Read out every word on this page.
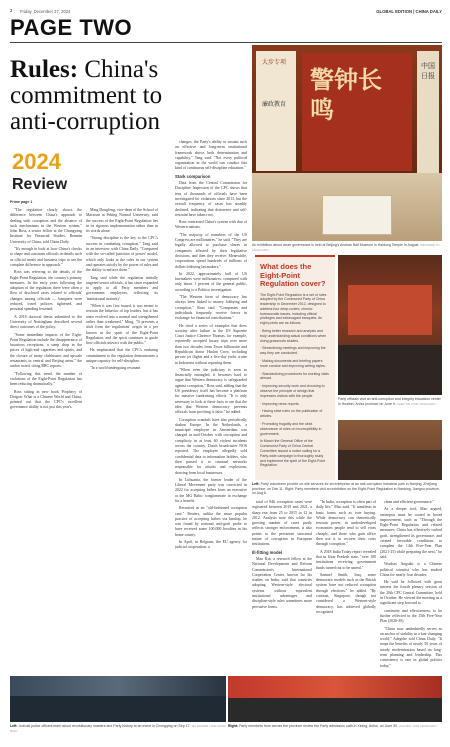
2 Friday, December 27, 2024	GLOBAL EDITION | CHINA DAILY
PAGE TWO
Rules: China's commitment to anti-corruption
2024
Review
Prime page 1

"The regulation clearly shows the difference between China's approach to dealing with corruption and the absence of such mechanisms in the Western system," John Ross, a senior fellow at the Chongyang Institute for Financial Studies, Renmin University of China, told China Daily.

"It's enough to look at how China's checks to shape and constrain officials in details such as official meals and business trips to see the complete difference in approach."

Ross was referring to the details of the Eight-Point Regulation, the country's primary measures. In the early years following the adoption of the regulation there were often a flow of disclosed cases related to officials' changes among officials — banquets were reduced, travel policies tightened, and personal spending lessened.

A 2018 doctoral thesis submitted to the University of Nottingham described several direct outcomes of the policy.

"Some immediate impacts of the Eight-Point Regulation include the disappearance of luxurious receptions, a steep drop in the prices of high-end cigarettes and spirits, and the closure of many clubhouses and upscale restaurants in central and Beijing areas," the author noted, citing BBC reports.

"Following this trend, the number of violations of the Eight-Point Regulation has been reducing dramatically."

Ross sitting in new book Prophecy of Dragon: What is a Chinese World and China, pointed out that the CPC's excellent governance ability is not just this year's.

Ming Dongfeng, vice-dean of the School of Marxism at Peking Normal University, said the success of the Eight-Point Regulation lies in its rigorous implementation rather than in its words alone.

"Strong discipline is the key to the CPC's success in combating corruption," Tang said in an interview with China Daily. "Compared with the so-called 'partition of power' model, which only looks at the rules in our system and operates strictly by the power of rules and the ability to enforce them."

Tang said while the regulation initially targeted senior officials, it has since expanded to apply to all Party members and government employees, reflecting its 'institutional maturity'.

"When it was first issued, it was meant to restrain the behavior of top leaders, but it has since evolved into a normal and strengthened rather than weakened," Ming, "It prevents a shift from the regulations' origin in a per known as the spirit of the Eight-Point Regulation, and the spirit continues to guide how officials interact with the public."

He emphasized that the CPC's enduring commitment to the regulation demonstrates a unique capacity for self-discipline.

"In a world undergoing resonant

changes, the Party's ability to sustain such an effective and long-term institutional framework shows both determination and capability," Tang said. "Not every political organization in the world can conduct this kind of continuous self-discipline education."

Stark comparison

Data from the Central Commission for Discipline Inspection of the CPC shows that tens of thousands of officials have been investigated for violations since 2013, but the overall frequency of cases has steadily declined, indicating that deterrence and self-restraint have taken root.

Ross contrasted China's system with that of Western nations.

"The majority of members of the US Congress are millionaires," he said. "They are legally allowed to purchase shares in companies affected by their legislative decisions, and then they receive. Meanwhile, corporations spend hundreds of millions of dollars lobbying lawmakers."

In 2022, approximately half of US lawmakers were millionaires, compared with only about 1 percent of the general public, according to a Politico investigation.

"The Western form of democracy has always been linked to money lobbying and corruption," Ross said. "Companies and individuals frequently receive favors in exchange for financial contributions."

He cited a series of examples that drew scrutiny after failure in the US Supreme Court Justice Clarence Thomas, for example, reportedly accepted luxury trips over more than two decades from Texas billionaire and Republican donor Harlan Crow, including private jet flights and a five-day yacht cruise in Indonesia without reporting them.

"When even the judiciary is seen as financially entangled, it becomes hard to argue that Western democracy is safeguarded against corruption," Ross said, adding that the US presidency itself has become a platform for massive fundraising efforts. "It is only necessary to look at these facts to see that the idea that Western democracy prevents officials from profiting is false," he added.

Corruption scandals have also periodically shaken Europe. In the Netherlands, a municipal employee in Amsterdam was charged in mid-October with corruption and complicity in at least 60 violent incidents across the country, Dutch broadcaster NOS reported. The employee allegedly sold confidential data to information holders, who then passed it to criminal networks responsible for attacks and explosions, drawing from local businesses.

In Lithuania, the former leader of the Liberal Movement party was convicted in 2022 for accepting bribes from an executive at the MG Baltic conglomerate in exchange for a benefit.

Recruited as an "old-fashioned corruption case," Reuters, unlike the more popular practice of accepting bribes via kinship, he was found by national anti-graft probe to have received some 100,000 lovalties in his home county.

In April, in Belgium, the EU agency for judicial cooperation, a

大步专项
廉政教育
警钟长鸣
中国日报
An exhibition about clean governance is held at Beijing's Anshan Ball Museum in Haidong Temple in August. PROVIDED TO CHINA DAILY
What does the Eight-Point Regulation cover?

The Eight-Point Regulation is a set of rules adopted by the Communist Party of China leadership in December 2012, designed to address four deep-rooted, chronic bureaucratic issues, including official privileges and extravagant banquets. Its eight points are as follows:

· Being better research and analysis and truly understanding actual conditions when doing grassroots studies.

· Streamlining meetings and improving the way they are conducted.

· Making documents and briefing papers more concise and improving writing styles.

· Standardizing procedures for working visits abroad.

· Improving security work and choosing to observe the principle of design that impresses visitors with the people.

· Improving news reports.

· Having strict rules on the publication of articles.

· Promoting frugality and the strict observance of rules on incorruptibility in government.

In March the General Office of the Communist Party of China Central Committee issued a notice calling for a Party-wide campaign to thoroughly study and implement the spirit of the Eight-Point Regulation.

Party officials visit an anti-corruption and integrity education center in Huaibei, Anhui province on June 9. CHEN YIN / FOR CHINA DAILY
Left: Party volunteers provide on-site services for an enterprise at an anti-corruption industrial park in Nanjing, Zhejiang province, on Dec 11. Right: Party members visit an exhibition on the Eight-Point Regulation in Nantong, Jiangsu province, on Aug 6.

total of 846 corruption cases were registered between 2019 and 2021, a sharp rise from 25 to 2015 to 12 in 2012. Analysis note this while the growing number of cases partly reflects stronger enforcement, it also points to the persistent structural nature of corruption in European institutions.

Ill-fitting model

Mao Kui, a research fellow at the National Development and Reform Commission's International Cooperation Center, known for his studies on India, said that countries adopting Western-style electoral systems without equivalent institutional advantages and discipline-style rules sometimes more pervasive forms.

"In India, corruption is often part of daily life," Mao said. "It manifests in basic forms such as vote buying. While democracy can theoretically restrain power, in underdeveloped economies people tend to sell votes cheaply, and those who gain office then use it to recover their costs through corruption."

A 2018 India Today report revealed that in Uttar Pradesh state, "over 100 institutions receiving government funds turned out to be unreal."

Samuel Smith, Iraq, some democratic models such as the British system have not reduced corruption through elections," he added. "By contrast, Singapore, though not considered a Western-style democracy, has achieved globally recognized

clean and efficient governance."

As a deeper tool, Mao argued, antisepsis must be rooted in broad improvement, such as "Through the Eight-Point Regulation and related measures, China has effectively curbed graft, strengthened its governance, and created favorable conditions to complete the 14th Five-Year Plan (2021-25) while preparing the next," he said.

Wuditas Angsaki is a Chinese political scientist who has studied China for nearly four decades.

He said he followed with great interest the fourth plenary session of the 20th CPC Central Committee, held in October. He viewed the meeting as a significant step forward to

continuity and effectiveness, to be further reflected in the 15th Five-Year Plan (2026-30).

"China now undoubtedly serves as an anchor of stability in a fast-changing world," Adegoke told China Daily. "It reaps the benefits of nearly 50 years of steady modernization based on long-term planning and leadership. This consistency is rare in global politics today."

Left: Judicial police officers learn about revolutionary masters and Party history at an event in Chongqing on Sep 17. WU DAOWEI / FOR CHINA DAILY
Right: Party members from across the province review the Party admission oath in Xining, Anhui, on June 30. GUO RUI / FOR CHINA DAILY
